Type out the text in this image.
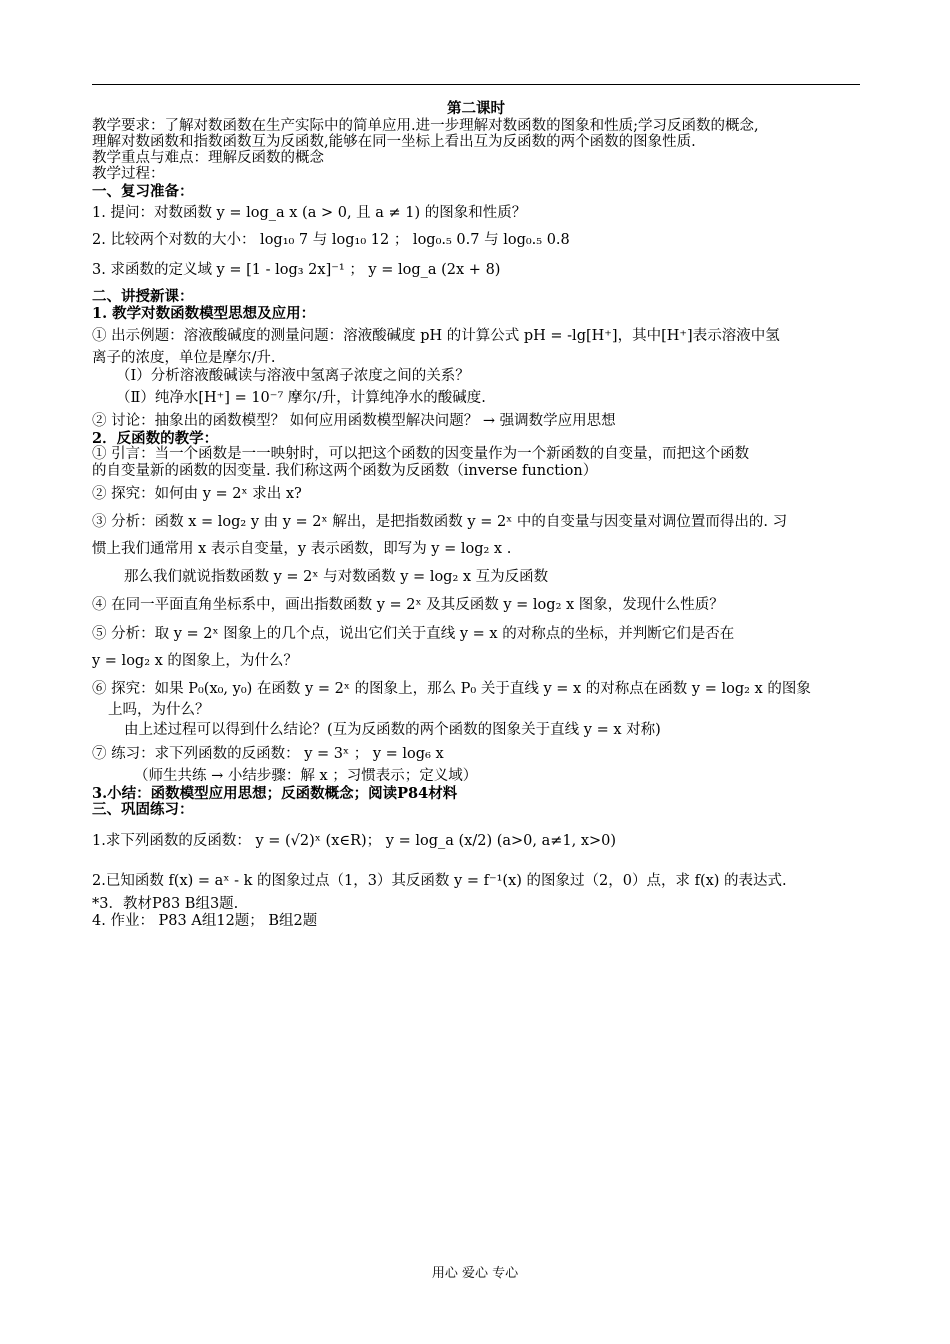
第二课时
教学要求：了解对数函数在生产实际中的简单应用.进一步理解对数函数的图象和性质;学习反函数的概念,
理解对数函数和指数函数互为反函数,能够在同一坐标上看出互为反函数的两个函数的图象性质.
教学重点与难点：理解反函数的概念
教学过程：
一、复习准备：
1. 提问：对数函数 y = log_a x (a > 0, 且 a ≠ 1) 的图象和性质？
2. 比较两个对数的大小： log₁₀ 7 与 log₁₀ 12 ； log₀.₅ 0.7 与 log₀.₅ 0.8
3. 求函数的定义域 y = [1 - log₃ 2x]⁻¹ ； y = log_a (2x + 8)
二、讲授新课：
1. 教学对数函数模型思想及应用：
① 出示例题：溶液酸碱度的测量问题：溶液酸碱度 pH 的计算公式 pH = -lg[H⁺]，其中[H⁺]表示溶液中氢
离子的浓度，单位是摩尔/升.
（Ⅰ）分析溶液酸碱读与溶液中氢离子浓度之间的关系？
（Ⅱ）纯净水[H⁺] = 10⁻⁷ 摩尔/升，计算纯净水的酸碱度.
② 讨论：抽象出的函数模型？ 如何应用函数模型解决问题？ → 强调数学应用思想
2．反函数的教学：
① 引言：当一个函数是一一映射时，可以把这个函数的因变量作为一个新函数的自变量，而把这个函数
的自变量新的函数的因变量. 我们称这两个函数为反函数（inverse function）
② 探究：如何由 y = 2ˣ 求出 x?
③ 分析：函数 x = log₂ y 由 y = 2ˣ 解出，是把指数函数 y = 2ˣ 中的自变量与因变量对调位置而得出的. 习
惯上我们通常用 x 表示自变量，y 表示函数，即写为 y = log₂ x .
那么我们就说指数函数 y = 2ˣ 与对数函数 y = log₂ x 互为反函数
④ 在同一平面直角坐标系中，画出指数函数 y = 2ˣ 及其反函数 y = log₂ x 图象，发现什么性质？
⑤ 分析：取 y = 2ˣ 图象上的几个点，说出它们关于直线 y = x 的对称点的坐标，并判断它们是否在
y = log₂ x 的图象上，为什么？
⑥ 探究：如果 P₀(x₀, y₀) 在函数 y = 2ˣ 的图象上，那么 P₀ 关于直线 y = x 的对称点在函数 y = log₂ x 的图象
上吗，为什么？
由上述过程可以得到什么结论？(互为反函数的两个函数的图象关于直线 y = x 对称)
⑦ 练习：求下列函数的反函数： y = 3ˣ ； y = log₆ x
（师生共练 → 小结步骤：解 x ；习惯表示；定义域）
3.小结：函数模型应用思想；反函数概念；阅读P84材料
三、巩固练习：
1.求下列函数的反函数： y = (√2)ˣ (x∈R)； y = log_a (x/2) (a>0, a≠1, x>0)
2.已知函数 f(x) = aˣ - k 的图象过点（1，3）其反函数 y = f⁻¹(x) 的图象过（2，0）点，求 f(x) 的表达式.
*3．教材P83 B组3题.
4. 作业： P83 A组12题； B组2题
用心 爱心 专心
